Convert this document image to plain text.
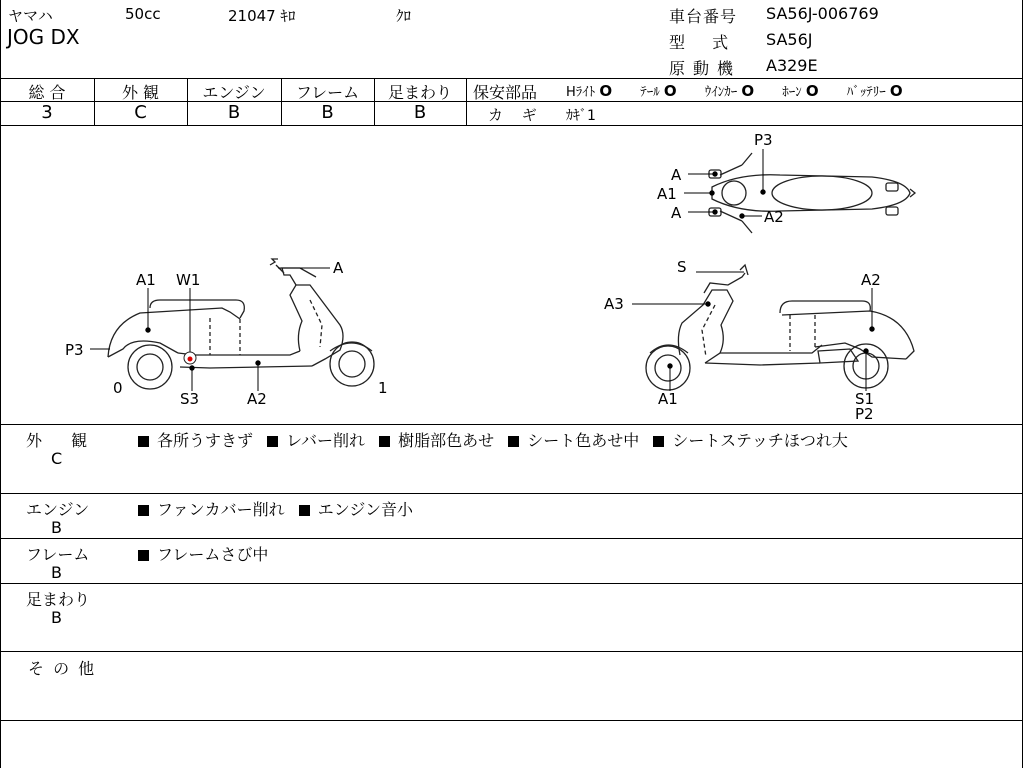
ヤマハ	50cc	21047 ｷﾛ	ｸﾛ
JOG DX
車台番号 SA56J-006769
型 式 SA56J
原動機 A329E
総 合
3
外 観
C
エンジン
B
フレーム
B
足まわり
B
保安部品 Hﾗｲﾄ O ﾃｰﾙ O ｳｲﾝｶｰ O ﾎｰﾝ O ﾊﾞｯﾃﾘｰ O
カ ギ ｶｷﾞ1
P3
A
A1
A	A2
A1 W1
A
P3
0
S3	A2
1
S
A2
A3
A1	S1
P2
外 観
C
各所うすきず レバー削れ 樹脂部色あせ シート色あせ中 シートステッチほつれ大
エンジン
B
ファンカバー削れ エンジン音小
フレーム
B
フレームさび中
足まわり
B
そ の 他
